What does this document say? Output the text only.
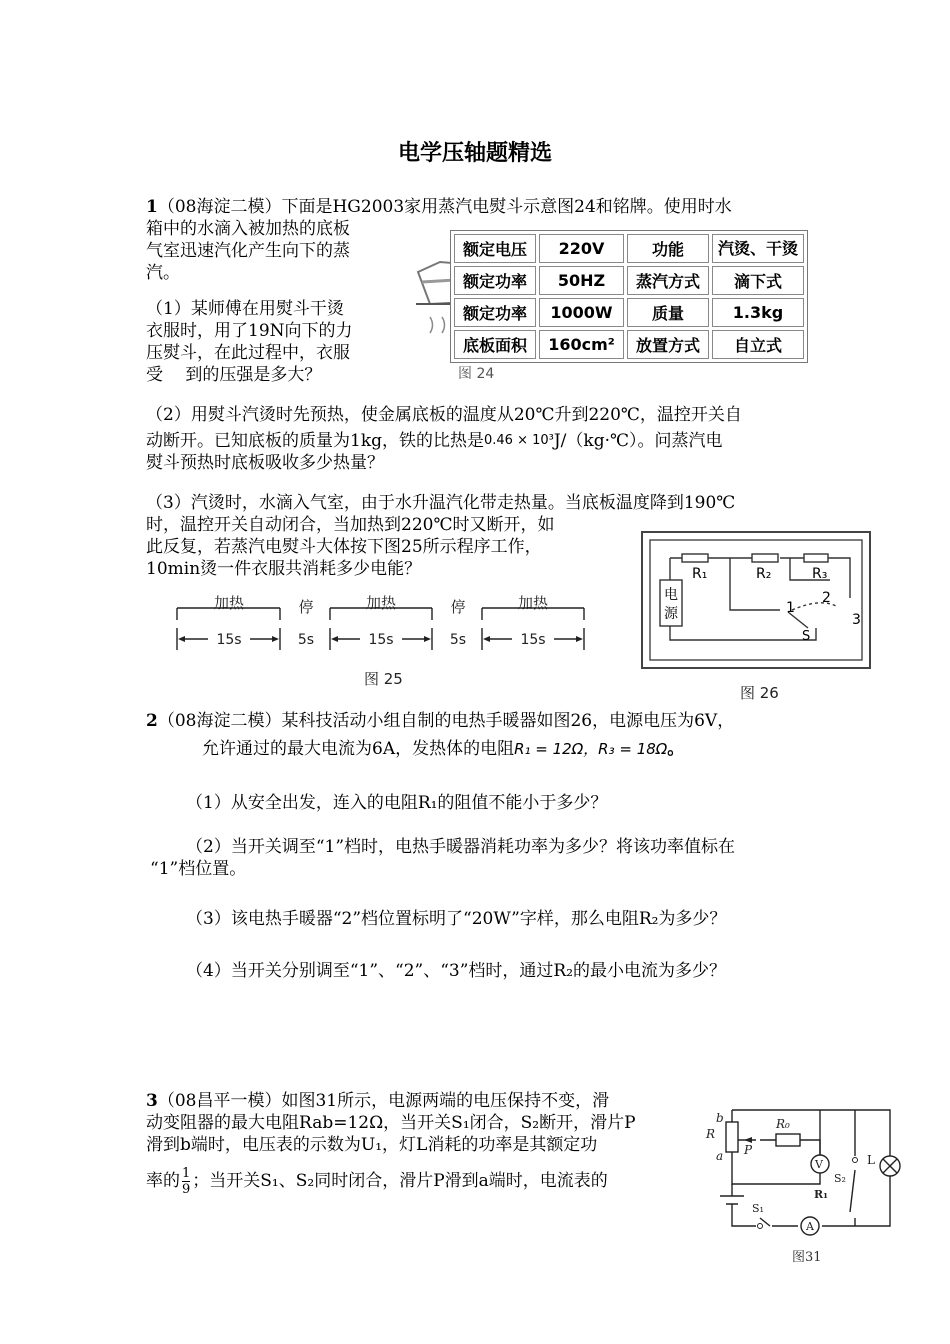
电学压轴题精选
1（08海淀二模）下面是HG2003家用蒸汽电熨斗示意图24和铭牌。使用时水
箱中的水滴入被加热的底板
气室迅速汽化产生向下的蒸
汽。
（1）某师傅在用熨斗干烫
衣服时，用了19N向下的力
压熨斗，在此过程中，衣服
受 　到的压强是多大？
额定电压	220V	功能	汽烫、干烫
额定功率	50HZ	蒸汽方式	滴下式
额定功率	1000W	质量	1.3kg
底板面积	160cm²	放置方式	自立式
图 24
（2）用熨斗汽烫时先预热，使金属底板的温度从20℃升到220℃，温控开关自
动断开。已知底板的质量为1kg，铁的比热是0.46 × 10³J/（kg·℃）。问蒸汽电
熨斗预热时底板吸收多少热量？
（3）汽烫时，水滴入气室，由于水升温汽化带走热量。当底板温度降到190℃
时，温控开关自动闭合，当加热到220℃时又断开，如
此反复，若蒸汽电熨斗大体按下图25所示程序工作，
10min烫一件衣服共消耗多少电能？
加热	停	加热	停	加热
15s	5s	15s	5s	15s
图 25
电
源
R₁	R₂	R₃
1
2
3
S
图 26
2（08海淀二模）某科技活动小组自制的电热手暖器如图26，电源电压为6V，
允许通过的最大电流为6A，发热体的电阻R₁ = 12Ω，R₃ = 18Ω。
（1）从安全出发，连入的电阻R₁的阻值不能小于多少？
（2）当开关调至“1”档时，电热手暖器消耗功率为多少？将该功率值标在
“1”档位置。
（3）该电热手暖器“2”档位置标明了“20W”字样，那么电阻R₂为多少？
（4）当开关分别调至“1”、“2”、“3”档时，通过R₂的最小电流为多少？
3（08昌平一模）如图31所示，电源两端的电压保持不变，滑
动变阻器的最大电阻Rab=12Ω，当开关S₁闭合，S₂断开，滑片P
滑到b端时，电压表的示数为U₁，灯L消耗的功率是其额定功
率的 $\frac{1}{9}$ ；当开关S₁、S₂同时闭合，滑片P滑到a端时，电流表的
b
R
a P
R₀
V	L
S₂
S₁
A
R₁
图31
